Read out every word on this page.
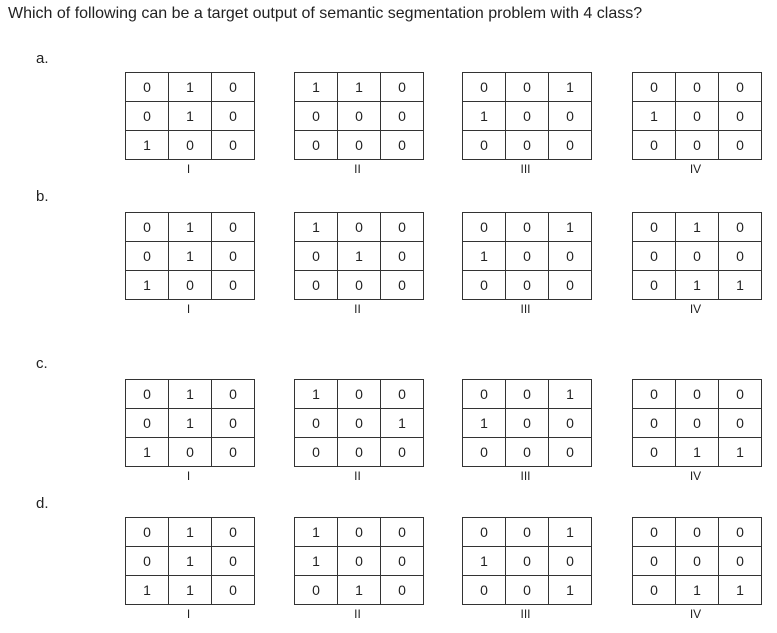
Which of following can be a target output of semantic segmentation problem with 4 class?
a.
0	1	0
0	1	0
1	0	0
I
1	1	0
0	0	0
0	0	0
II
0	0	1
1	0	0
0	0	0
III
0	0	0
1	0	0
0	0	0
IV
b.
0	1	0
0	1	0
1	0	0
I
1	0	0
0	1	0
0	0	0
II
0	0	1
1	0	0
0	0	0
III
0	1	0
0	0	0
0	1	1
IV
c.
0	1	0
0	1	0
1	0	0
I
1	0	0
0	0	1
0	0	0
II
0	0	1
1	0	0
0	0	0
III
0	0	0
0	0	0
0	1	1
IV
d.
0	1	0
0	1	0
1	1	0
I
1	0	0
1	0	0
0	1	0
II
0	0	1
1	0	0
0	0	1
III
0	0	0
0	0	0
0	1	1
IV
